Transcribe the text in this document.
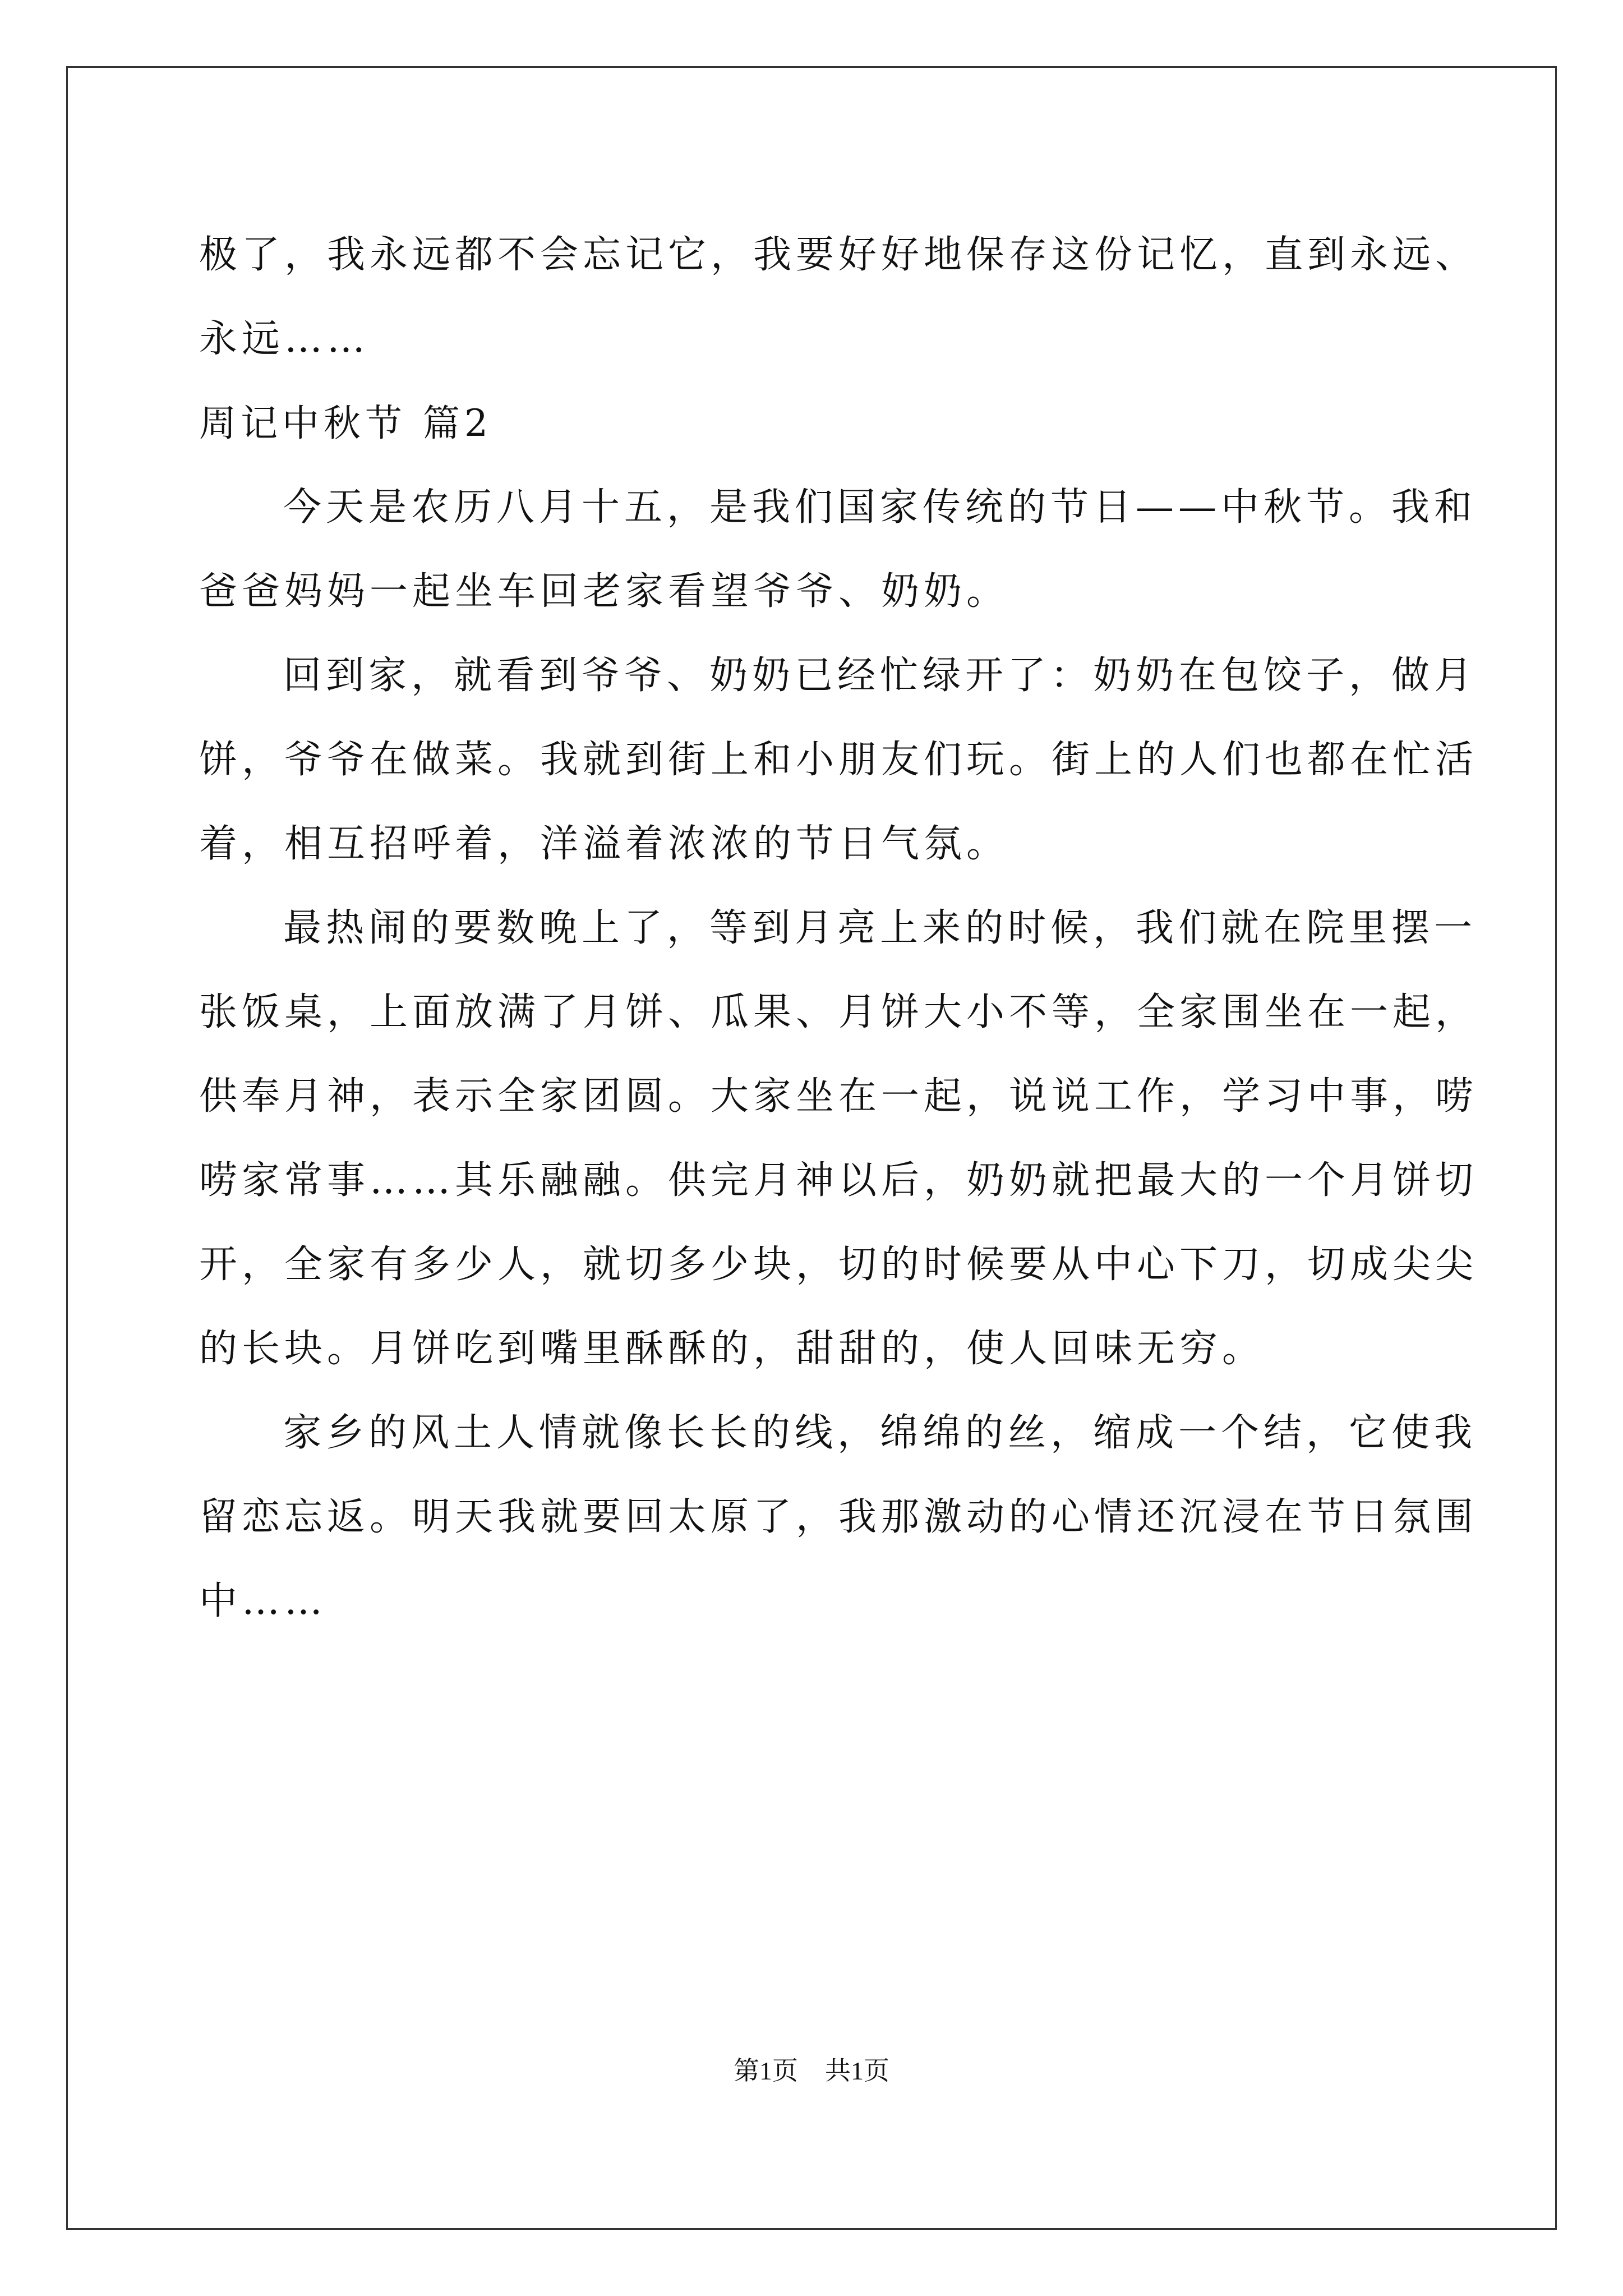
极了，我永远都不会忘记它，我要好好地保存这份记忆，直到永远、
永远……
周记中秋节 篇2
今天是农历八月十五，是我们国家传统的节日——中秋节。我和
爸爸妈妈一起坐车回老家看望爷爷、奶奶。
回到家，就看到爷爷、奶奶已经忙绿开了：奶奶在包饺子，做月
饼，爷爷在做菜。我就到街上和小朋友们玩。街上的人们也都在忙活
着，相互招呼着，洋溢着浓浓的节日气氛。
最热闹的要数晚上了，等到月亮上来的时候，我们就在院里摆一
张饭桌，上面放满了月饼、瓜果、月饼大小不等，全家围坐在一起，
供奉月神，表示全家团圆。大家坐在一起，说说工作，学习中事，唠
唠家常事……其乐融融。供完月神以后，奶奶就把最大的一个月饼切
开，全家有多少人，就切多少块，切的时候要从中心下刀，切成尖尖
的长块。月饼吃到嘴里酥酥的，甜甜的，使人回味无穷。
家乡的风土人情就像长长的线，绵绵的丝，缩成一个结，它使我
留恋忘返。明天我就要回太原了，我那激动的心情还沉浸在节日氛围
中……
第1页 共1页
